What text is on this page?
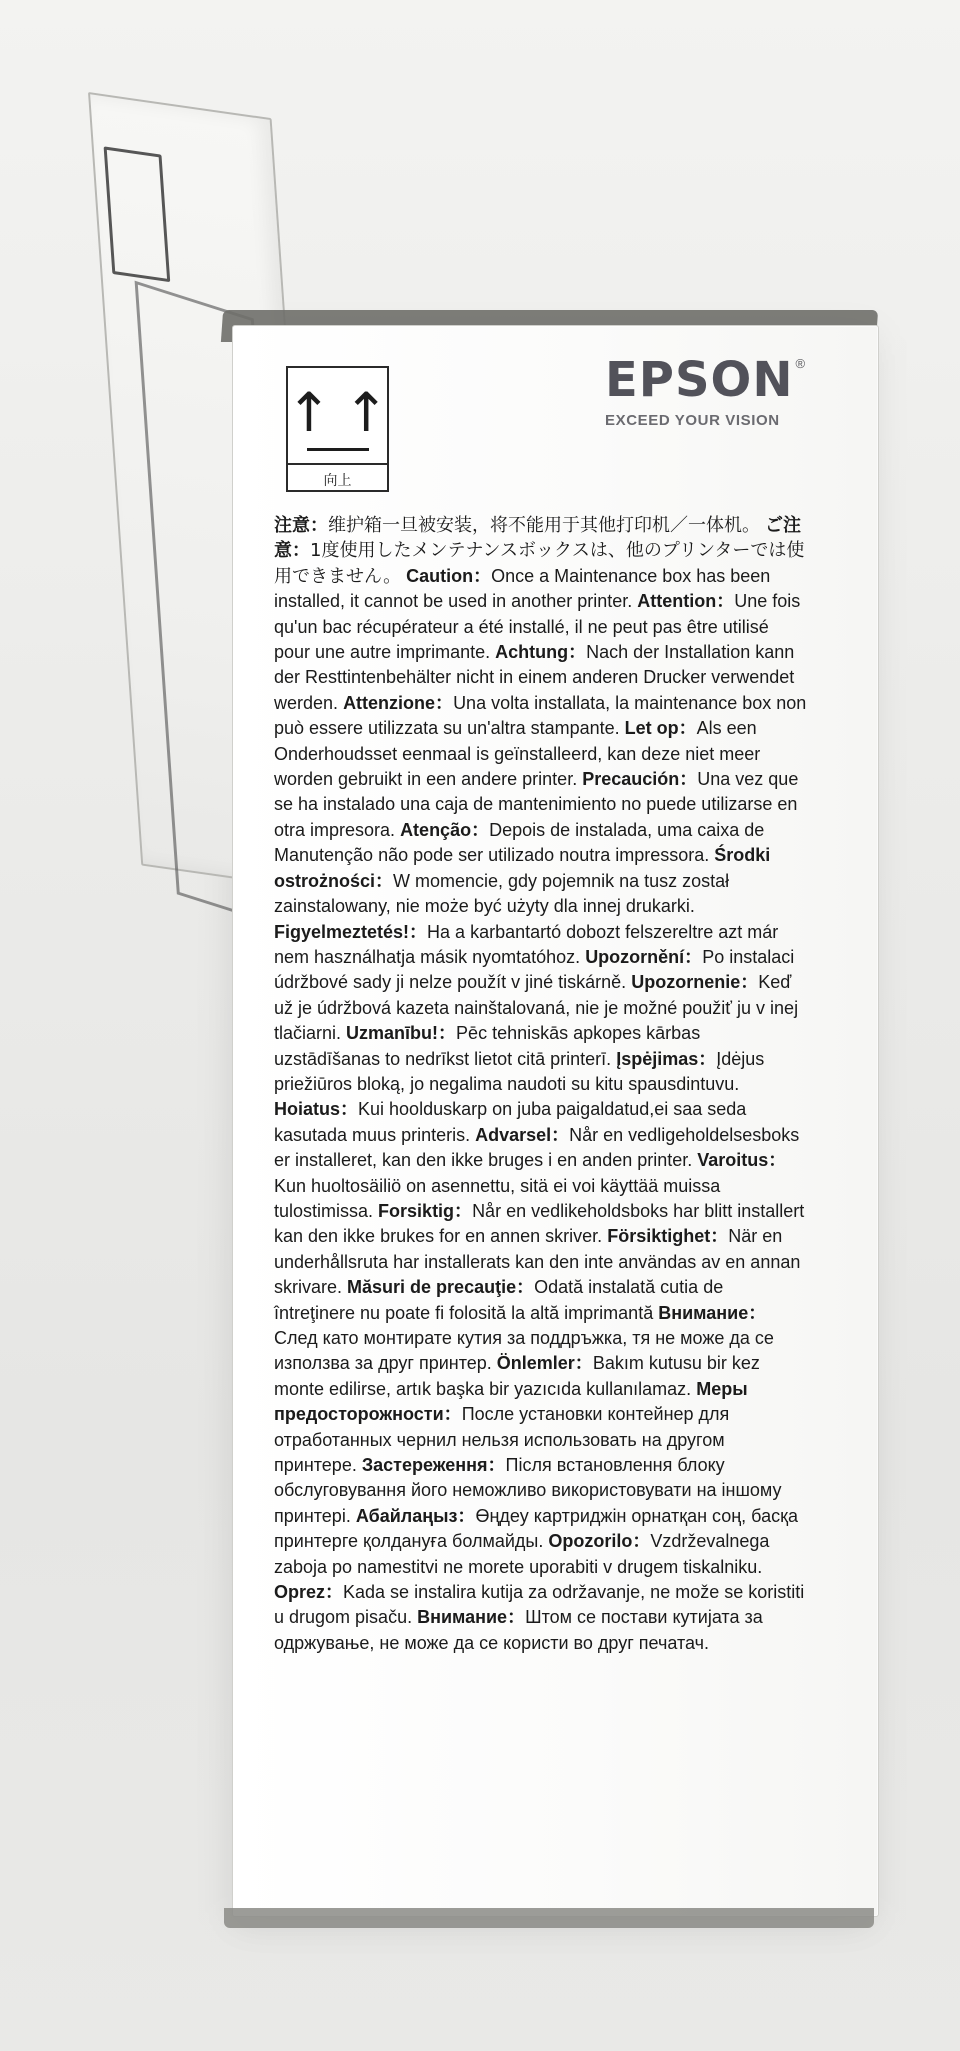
↑ ↑
向上
EPSON ®
EXCEED YOUR VISION
注意：维护箱一旦被安装，将不能用于其他打印机／一体机。 ご注意：1度使用したメンテナンスボックスは、他のプリンターでは使用できません。 Caution：Once a Maintenance box has been installed, it cannot be used in another printer. Attention：Une fois qu'un bac récupérateur a été installé, il ne peut pas être utilisé pour une autre imprimante. Achtung：Nach der Installation kann der Resttintenbehälter nicht in einem anderen Drucker verwendet werden. Attenzione：Una volta installata, la maintenance box non può essere utilizzata su un'altra stampante. Let op：Als een Onderhoudsset eenmaal is geïnstalleerd, kan deze niet meer worden gebruikt in een andere printer. Precaución：Una vez que se ha instalado una caja de mantenimiento no puede utilizarse en otra impresora. Atenção：Depois de instalada, uma caixa de Manutenção não pode ser utilizado noutra impressora. Środki ostrożności：W momencie, gdy pojemnik na tusz został zainstalowany, nie może być użyty dla innej drukarki. Figyelmeztetés!：Ha a karbantartó dobozt felszereltre azt már nem használhatja másik nyomtatóhoz. Upozornění：Po instalaci údržbové sady ji nelze použít v jiné tiskárně. Upozornenie：Keď už je údržbová kazeta nainštalovaná, nie je možné použiť ju v inej tlačiarni. Uzmanību!：Pēc tehniskās apkopes kārbas uzstādīšanas to nedrīkst lietot citā printerī. Įspėjimas：Įdėjus priežiūros bloką, jo negalima naudoti su kitu spausdintuvu. Hoiatus：Kui hoolduskarp on juba paigaldatud,ei saa seda kasutada muus printeris. Advarsel：Når en vedligeholdelsesboks er installeret, kan den ikke bruges i en anden printer. Varoitus：Kun huoltosäiliö on asennettu, sitä ei voi käyttää muissa tulostimissa. Forsiktig：Når en vedlikeholdsboks har blitt installert kan den ikke brukes for en annen skriver. Försiktighet：När en underhållsruta har installerats kan den inte användas av en annan skrivare. Măsuri de precauţie：Odată instalată cutia de întreţinere nu poate fi folosită la altă imprimantă Внимание：След като монтирате кутия за поддръжка, тя не може да се използва за друг принтер. Önlemler：Bakım kutusu bir kez monte edilirse, artık başka bir yazıcıda kullanılamaz. Меры предосторожности：После установки контейнер для отработанных чернил нельзя использовать на другом принтере. Застереження：Після встановлення блоку обслуговування його неможливо використовувати на іншому принтері. Абайлаңыз：Өңдеу картриджін орнатқан соң, басқа принтерге қолдануға болмайды. Opozorilo：Vzdrževalnega zaboja po namestitvi ne morete uporabiti v drugem tiskalniku. Oprez：Kada se instalira kutija za održavanje, ne može se koristiti u drugom pisaču. Внимание：Штом се постави кутијата за одржување, не може да се користи во друг печатач.
